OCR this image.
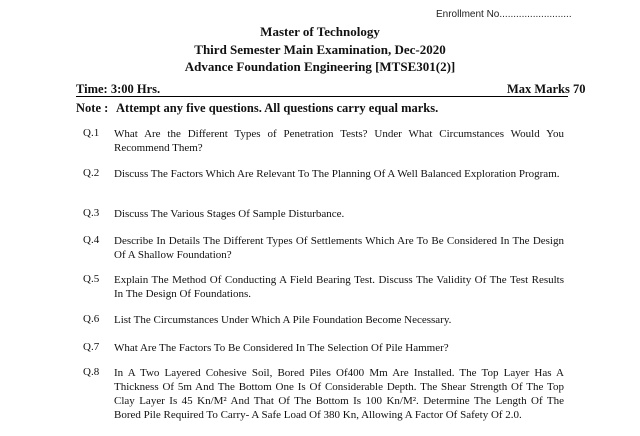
Enrollment No..........................
Master of Technology
Third Semester Main Examination, Dec-2020
Advance Foundation Engineering [MTSE301(2)]
Time: 3:00 Hrs.	Max Marks 70
Note : Attempt any five questions. All questions carry equal marks.
Q.1 What Are the Different Types of Penetration Tests? Under What Circumstances Would You Recommend Them?
Q.2 Discuss The Factors Which Are Relevant To The Planning Of A Well Balanced Exploration Program.
Q.3 Discuss The Various Stages Of Sample Disturbance.
Q.4 Describe In Details The Different Types Of Settlements Which Are To Be Considered In The Design Of A Shallow Foundation?
Q.5 Explain The Method Of Conducting A Field Bearing Test. Discuss The Validity Of The Test Results In The Design Of Foundations.
Q.6 List The Circumstances Under Which A Pile Foundation Become Necessary.
Q.7 What Are The Factors To Be Considered In The Selection Of Pile Hammer?
Q.8 In A Two Layered Cohesive Soil, Bored Piles Of400 Mm Are Installed. The Top Layer Has A Thickness Of 5m And The Bottom One Is Of Considerable Depth. The Shear Strength Of The Top Clay Layer Is 45 Kn/M² And That Of The Bottom Is 100 Kn/M². Determine The Length Of The Bored Pile Required To Carry- A Safe Load Of 380 Kn, Allowing A Factor Of Safety Of 2.0.
